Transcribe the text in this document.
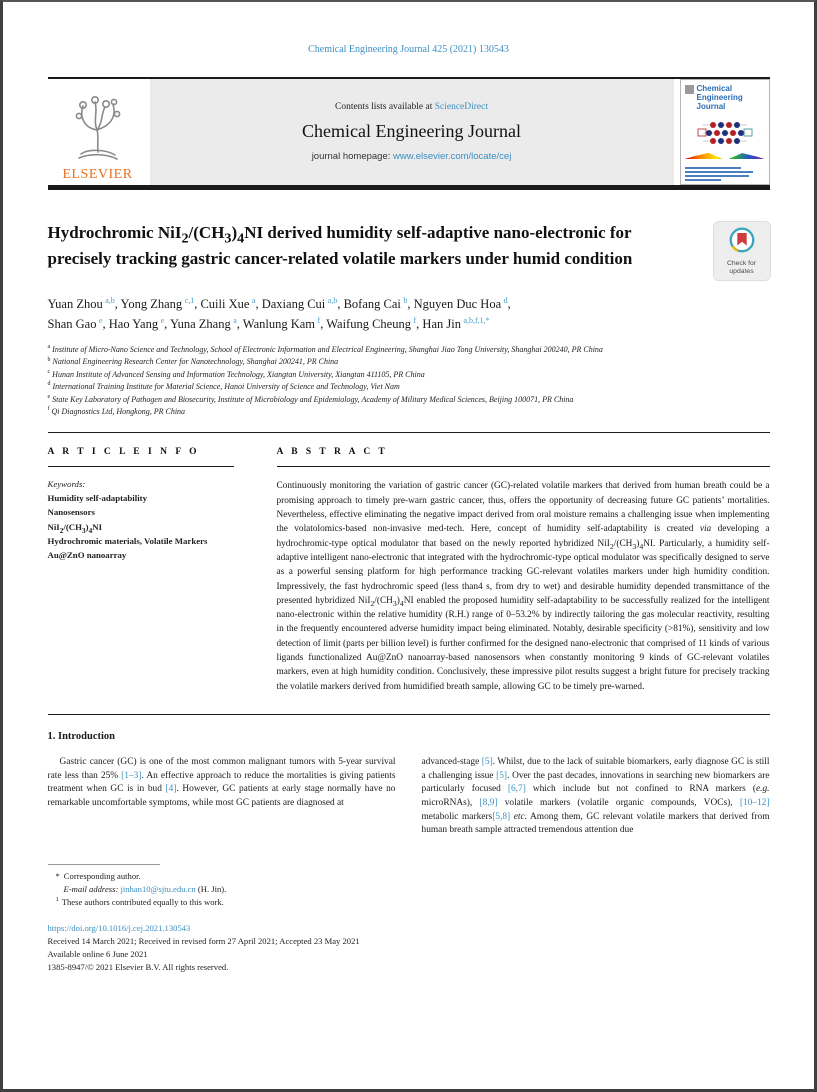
Chemical Engineering Journal 425 (2021) 130543
ELSEVIER
Contents lists available at ScienceDirect
Chemical Engineering Journal
journal homepage: www.elsevier.com/locate/cej
Chemical
Engineering
Journal
Hydrochromic $NiI_2/(CH_3)_4NI$ derived humidity self-adaptive nano-electronic for precisely tracking gastric cancer-related volatile markers under humid condition	Check for
updates
Yuan Zhou $^{a,b}$, Yong Zhang $^{c,1}$, Cuili Xue $^a$, Daxiang Cui $^{a,b}$, Bofang Cai $^b$, Nguyen Duc Hoa $^d$,
Shan Gao $^e$, Hao Yang $^e$, Yuna Zhang $^a$, Wanlung Kam $^f$, Waifung Cheung $^f$, Han Jin $^{a,b,f,1,*}$
$^a$ Institute of Micro-Nano Science and Technology, School of Electronic Information and Electrical Engineering, Shanghai Jiao Tong University, Shanghai 200240, PR China
$^b$ National Engineering Research Center for Nanotechnology, Shanghai 200241, PR China
$^c$ Hunan Institute of Advanced Sensing and Information Technology, Xiangtan University, Xiangtan 411105, PR China
$^d$ International Training Institute for Material Science, Hanoi University of Science and Technology, Viet Nam
$^e$ State Key Laboratory of Pathogen and Biosecurity, Institute of Microbiology and Epidemiology, Academy of Military Medical Sciences, Beijing 100071, PR China
$^f$ Qi Diagnostics Ltd, Hongkong, PR China
A R T I C L E I N F O
Keywords:
Humidity self-adaptability
Nanosensors
$NiI_2/(CH_3)_4NI$
Hydrochromic materials, Volatile Markers
Au@ZnO nanoarray
A B S T R A C T
Continuously monitoring the variation of gastric cancer (GC)-related volatile markers that derived from human breath could be a promising approach to timely pre-warn gastric cancer, thus, offers the opportunity of decreasing future GC patients’ mortalities. Nevertheless, effective eliminating the negative impact derived from oral moisture remains a challenging issue when implementing the volatolomics-based non-invasive med-tech. Here, concept of humidity self-adaptability is created via developing a hydrochromic-type optical modulator that based on the newly reported hybridized $NiI_2/(CH_3)_4NI$. Particularly, a humidity self-adaptive intelligent nano-electronic that integrated with the hydrochromic-type optical modulator was specifically designed to serve as a powerful sensing platform for high performance tracking GC-relevant volatiles markers under high humidity condition. Impressively, the fast hydrochromic speed (less than4 s, from dry to wet) and desirable humidity depended transmittance of the presented hybridized $NiI_2/(CH_3)_4NI$ enabled the proposed humidity self-adaptability to be successfully realized for the intelligent nano-electronic within the relative humidity (R.H.) range of 0–53.2% by indirectly tailoring the gas molecular reactivity, resulting in the frequently encountered adverse humidity impact being eliminated. Notably, desirable specificity (>81%), sensitivity and low detection of limit (parts per billion level) is further confirmed for the designed nano-electronic that comprised of 11 kinds of various ligands functionalized Au@ZnO nanoarray-based nanosensors when constantly monitoring 9 kinds of GC-relevant volatiles markers, even at high humidity condition. Conclusively, these impressive pilot results suggest a bright future for precisely tracking the volatile markers derived from humidified breath sample, allowing GC to be timely pre-warned.
1. Introduction
Gastric cancer (GC) is one of the most common malignant tumors with 5-year survival rate less than 25% [1–3]. An effective approach to reduce the mortalities is giving patients treatment when GC is in bud [4]. However, GC patients at early stage normally have no remarkable uncomfortable symptoms, while most GC patients are diagnosed at
advanced-stage [5]. Whilst, due to the lack of suitable biomarkers, early diagnose GC is still a challenging issue [5]. Over the past decades, innovations in searching new biomarkers are particularly focused [6,7] which include but not confined to RNA markers (e.g. microRNAs), [8,9] volatile markers (volatile organic compounds, VOCs), [10–12] metabolic markers[5,8] etc. Among them, GC relevant volatile markers that derived from human breath sample attracted tremendous attention due
* Corresponding author.
E-mail address: jinhan10@sjtu.edu.cn (H. Jin).
$^1$ These authors contributed equally to this work.
https://doi.org/10.1016/j.cej.2021.130543
Received 14 March 2021; Received in revised form 27 April 2021; Accepted 23 May 2021
Available online 6 June 2021
1385-8947/© 2021 Elsevier B.V. All rights reserved.
